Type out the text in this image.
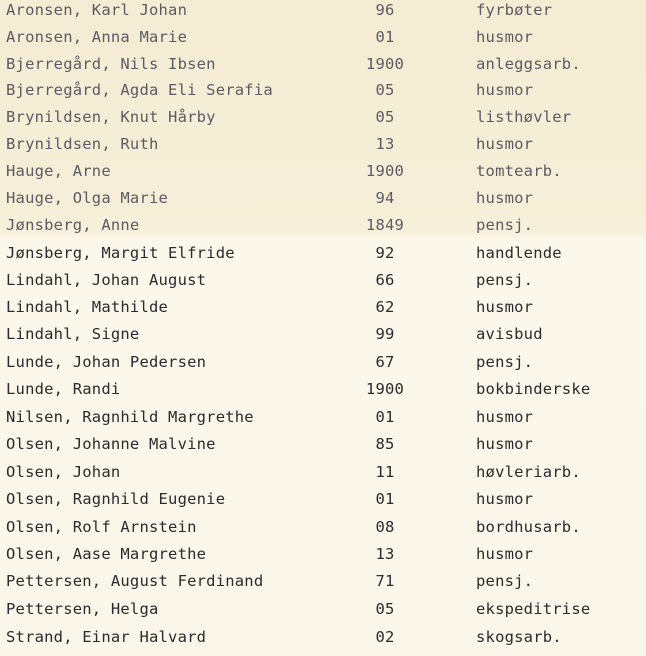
Aronsen, Karl Johan	96	fyrbøter
Aronsen, Anna Marie	01	husmor
Bjerregård, Nils Ibsen	1900	anleggsarb.
Bjerregård, Agda Eli Serafia	05	husmor
Brynildsen, Knut Hårby	05	listhøvler
Brynildsen, Ruth	13	husmor
Hauge, Arne	1900	tomtearb.
Hauge, Olga Marie	94	husmor
Jønsberg, Anne	1849	pensj.
Jønsberg, Margit Elfride	92	handlende
Lindahl, Johan August	66	pensj.
Lindahl, Mathilde	62	husmor
Lindahl, Signe	99	avisbud
Lunde, Johan Pedersen	67	pensj.
Lunde, Randi	1900	bokbinderske
Nilsen, Ragnhild Margrethe	01	husmor
Olsen, Johanne Malvine	85	husmor
Olsen, Johan	11	høvleriarb.
Olsen, Ragnhild Eugenie	01	husmor
Olsen, Rolf Arnstein	08	bordhusarb.
Olsen, Aase Margrethe	13	husmor
Pettersen, August Ferdinand	71	pensj.
Pettersen, Helga	05	ekspeditrise
Strand, Einar Halvard	02	skogsarb.
